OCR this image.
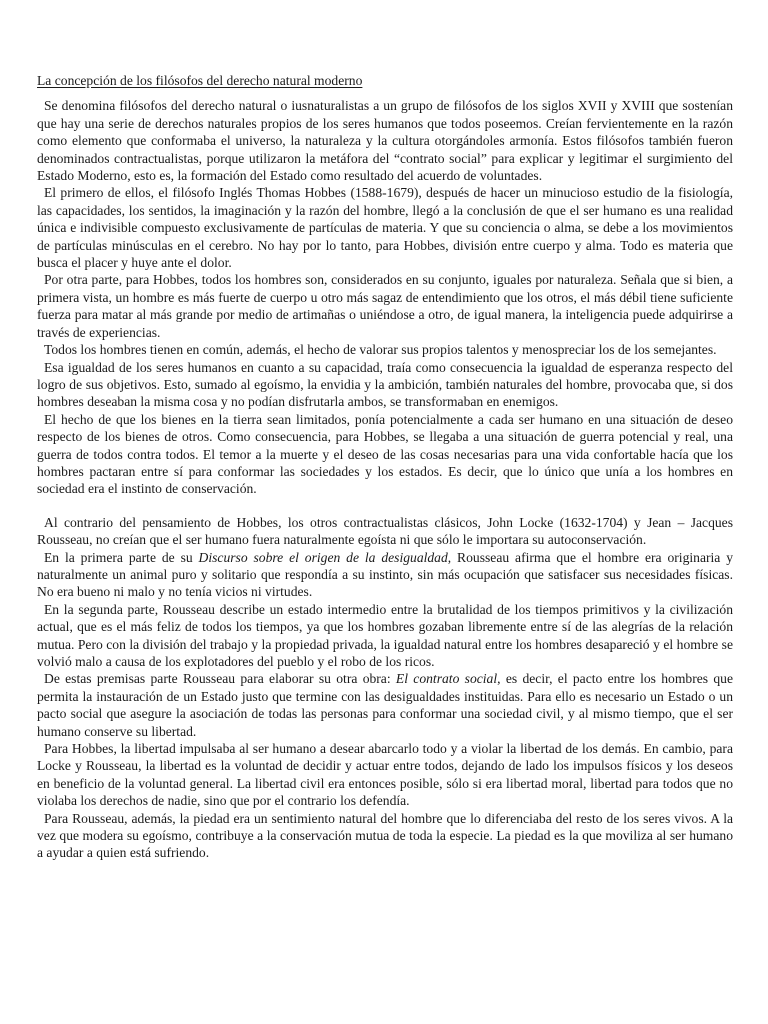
La concepción de los filósofos del derecho natural moderno

Se denomina filósofos del derecho natural o iusnaturalistas a un grupo de filósofos de los siglos XVII y XVIII que sostenían que hay una serie de derechos naturales propios de los seres humanos que todos poseemos. Creían fervientemente en la razón como elemento que conformaba el universo, la naturaleza y la cultura otorgándoles armonía. Estos filósofos también fueron denominados contractualistas, porque utilizaron la metáfora del “contrato social” para explicar y legitimar el surgimiento del Estado Moderno, esto es, la formación del Estado como resultado del acuerdo de voluntades.

El primero de ellos, el filósofo Inglés Thomas Hobbes (1588-1679), después de hacer un minucioso estudio de la fisiología, las capacidades, los sentidos, la imaginación y la razón del hombre, llegó a la conclusión de que el ser humano es una realidad única e indivisible compuesto exclusivamente de partículas de materia. Y que su conciencia o alma, se debe a los movimientos de partículas minúsculas en el cerebro. No hay por lo tanto, para Hobbes, división entre cuerpo y alma. Todo es materia que busca el placer y huye ante el dolor.

Por otra parte, para Hobbes, todos los hombres son, considerados en su conjunto, iguales por naturaleza. Señala que si bien, a primera vista, un hombre es más fuerte de cuerpo u otro más sagaz de entendimiento que los otros, el más débil tiene suficiente fuerza para matar al más grande por medio de artimañas o uniéndose a otro, de igual manera, la inteligencia puede adquirirse a través de experiencias.

Todos los hombres tienen en común, además, el hecho de valorar sus propios talentos y menospreciar los de los semejantes.

Esa igualdad de los seres humanos en cuanto a su capacidad, traía como consecuencia la igualdad de esperanza respecto del logro de sus objetivos. Esto, sumado al egoísmo, la envidia y la ambición, también naturales del hombre, provocaba que, si dos hombres deseaban la misma cosa y no podían disfrutarla ambos, se transformaban en enemigos.

El hecho de que los bienes en la tierra sean limitados, ponía potencialmente a cada ser humano en una situación de deseo respecto de los bienes de otros. Como consecuencia, para Hobbes, se llegaba a una situación de guerra potencial y real, una guerra de todos contra todos. El temor a la muerte y el deseo de las cosas necesarias para una vida confortable hacía que los hombres pactaran entre sí para conformar las sociedades y los estados. Es decir, que lo único que unía a los hombres en sociedad era el instinto de conservación.

Al contrario del pensamiento de Hobbes, los otros contractualistas clásicos, John Locke (1632-1704) y Jean – Jacques Rousseau, no creían que el ser humano fuera naturalmente egoísta ni que sólo le importara su autoconservación.

En la primera parte de su Discurso sobre el origen de la desigualdad, Rousseau afirma que el hombre era originaria y naturalmente un animal puro y solitario que respondía a su instinto, sin más ocupación que satisfacer sus necesidades físicas. No era bueno ni malo y no tenía vicios ni virtudes.

En la segunda parte, Rousseau describe un estado intermedio entre la brutalidad de los tiempos primitivos y la civilización actual, que es el más feliz de todos los tiempos, ya que los hombres gozaban libremente entre sí de las alegrías de la relación mutua. Pero con la división del trabajo y la propiedad privada, la igualdad natural entre los hombres desapareció y el hombre se volvió malo a causa de los explotadores del pueblo y el robo de los ricos.

De estas premisas parte Rousseau para elaborar su otra obra: El contrato social, es decir, el pacto entre los hombres que permita la instauración de un Estado justo que termine con las desigualdades instituidas. Para ello es necesario un Estado o un pacto social que asegure la asociación de todas las personas para conformar una sociedad civil, y al mismo tiempo, que el ser humano conserve su libertad.

Para Hobbes, la libertad impulsaba al ser humano a desear abarcarlo todo y a violar la libertad de los demás. En cambio, para Locke y Rousseau, la libertad es la voluntad de decidir y actuar entre todos, dejando de lado los impulsos físicos y los deseos en beneficio de la voluntad general. La libertad civil era entonces posible, sólo si era libertad moral, libertad para todos que no violaba los derechos de nadie, sino que por el contrario los defendía.

Para Rousseau, además, la piedad era un sentimiento natural del hombre que lo diferenciaba del resto de los seres vivos. A la vez que modera su egoísmo, contribuye a la conservación mutua de toda la especie. La piedad es la que moviliza al ser humano a ayudar a quien está sufriendo.
